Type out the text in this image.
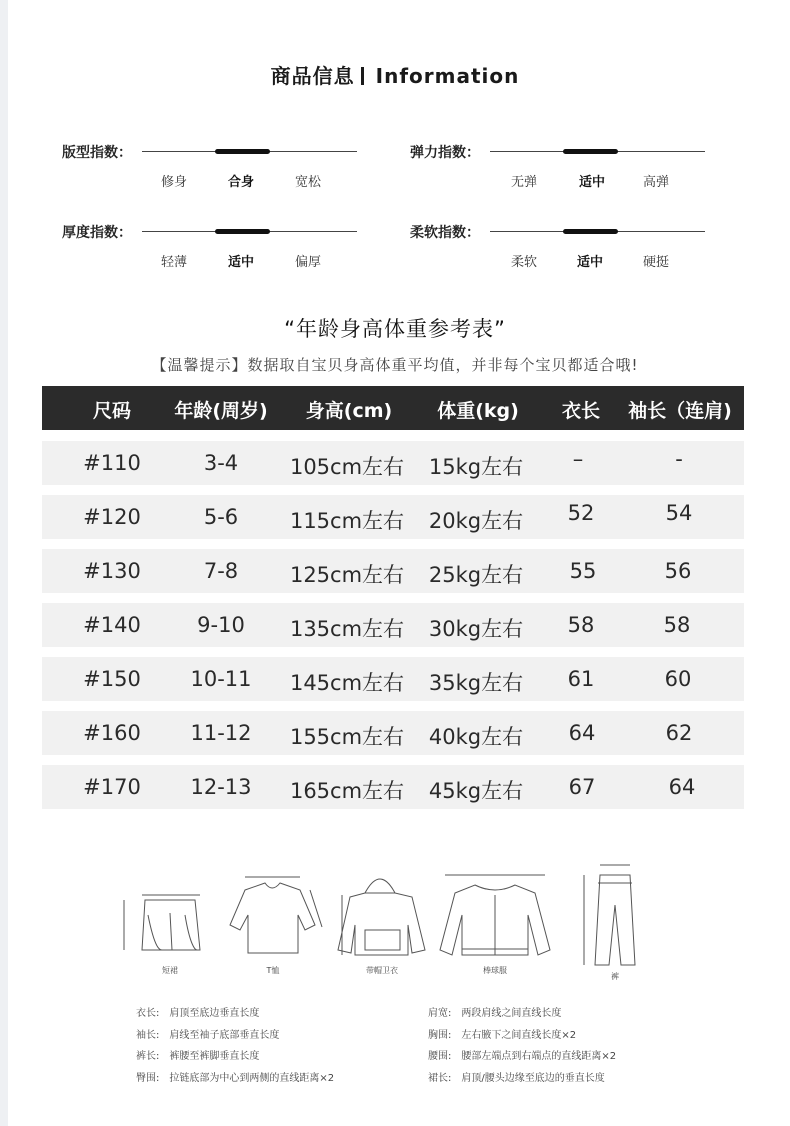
商品信息 Information
版型指数：
修身	合身	宽松
弹力指数：
无弹	适中	高弹
厚度指数：
轻薄	适中	偏厚
柔软指数：
柔软	适中	硬挺
“年龄身高体重参考表”
【温馨提示】数据取自宝贝身高体重平均值，并非每个宝贝都适合哦!
尺码 年龄(周岁) 身高(cm) 体重(kg) 衣长 袖长（连肩)
#110	3-4 105cm左右 15kg左右 –	-
#120	5-6 115cm左右 20kg左右 52	54
#130	7-8 125cm左右 25kg左右 55	56
#140	9-10 135cm左右 30kg左右 58	58
#150 10-11 145cm左右 35kg左右 61	60
#160 11-12 155cm左右 40kg左右 64	62
#170 12-13 165cm左右 45kg左右 67	64
短裙	T恤	带帽卫衣	棒球服
裤
衣长:　肩顶至底边垂直长度
袖长:　肩线至袖子底部垂直长度
裤长:　裤腰至裤脚垂直长度
臀围:　拉链底部为中心到两侧的直线距离×2
肩宽:　两段肩线之间直线长度
胸围:　左右腋下之间直线长度×2
腰围:　腰部左端点到右端点的直线距离×2
裙长:　肩顶/腰头边缘至底边的垂直长度
